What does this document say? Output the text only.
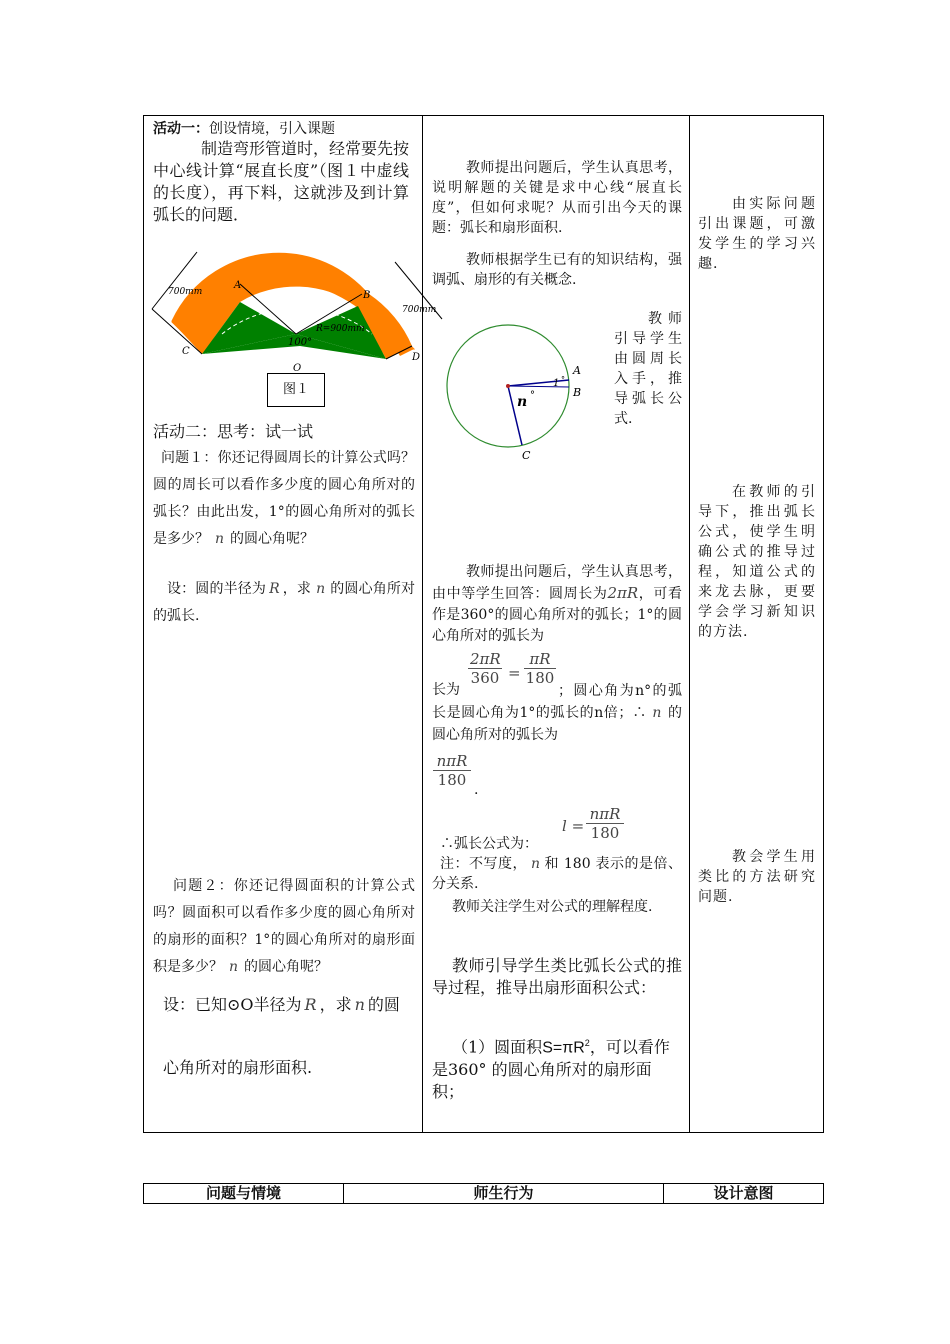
活动一：创设情境，引入课题

制造弯形管道时，经常要先按中心线计算“展直长度”（图１中虚线的长度），再下料，这就涉及到计算弧长的问题．

700mm
700mm
A
B
C
D
O
R=900mm
100°

图１

活动二：思考：试一试

问题１：你还记得圆周长的计算公式吗？圆的周长可以看作多少度的圆心角所对的弧长？由此出发，1°的圆心角所对的弧长是多少？ n 的圆心角呢？

设：圆的半径为 R ，求 n 的圆心角所对的弧长.

问题２：你还记得圆面积的计算公式吗？圆面积可以看作多少度的圆心角所对的扇形的面积？1°的圆心角所对的扇形面积是多少？ n 的圆心角呢？

设：已知⊙O半径为 R ，求 n 的圆

心角所对的扇形面积.

教师提出问题后，学生认真思考，说明解题的关键是求中心线“展直长度”，但如何求呢？从而引出今天的课题：弧长和扇形面积.

教师根据学生已有的知识结构，强调弧、扇形的有关概念.

A
B
C
n °
1 °

教师引导学生由圆周长入手，推导弧长公式.

教师提出问题后，学生认真思考，由中等学生回答：圆周长为2πR，可看作是360°的圆心角所对的弧长；1°的圆心角所对的弧长为

$\frac{2\pi R}{360} = \frac{\pi R}{180}$

；圆心角为n°的弧长是圆心角为1°的弧长的n倍；∴ n 的圆心角所对的弧长为

长为
nπR
180
.
l =
nπR
180

∴弧长公式为：

注：不写度， n 和 180 表示的是倍、分关系.

教师关注学生对公式的理解程度.

教师引导学生类比弧长公式的推导过程，推导出扇形面积公式：

（1）圆面积$S=\pi R^2$，可以看作是360° 的圆心角所对的扇形面积；

由实际问题引出课题，可激发学生的学习兴趣.

在教师的引导下，推出弧长公式，使学生明确公式的推导过程，知道公式的来龙去脉，更要学会学习新知识的方法.

教会学生用类比的方法研究问题.

问题与情境	师生行为	设计意图
